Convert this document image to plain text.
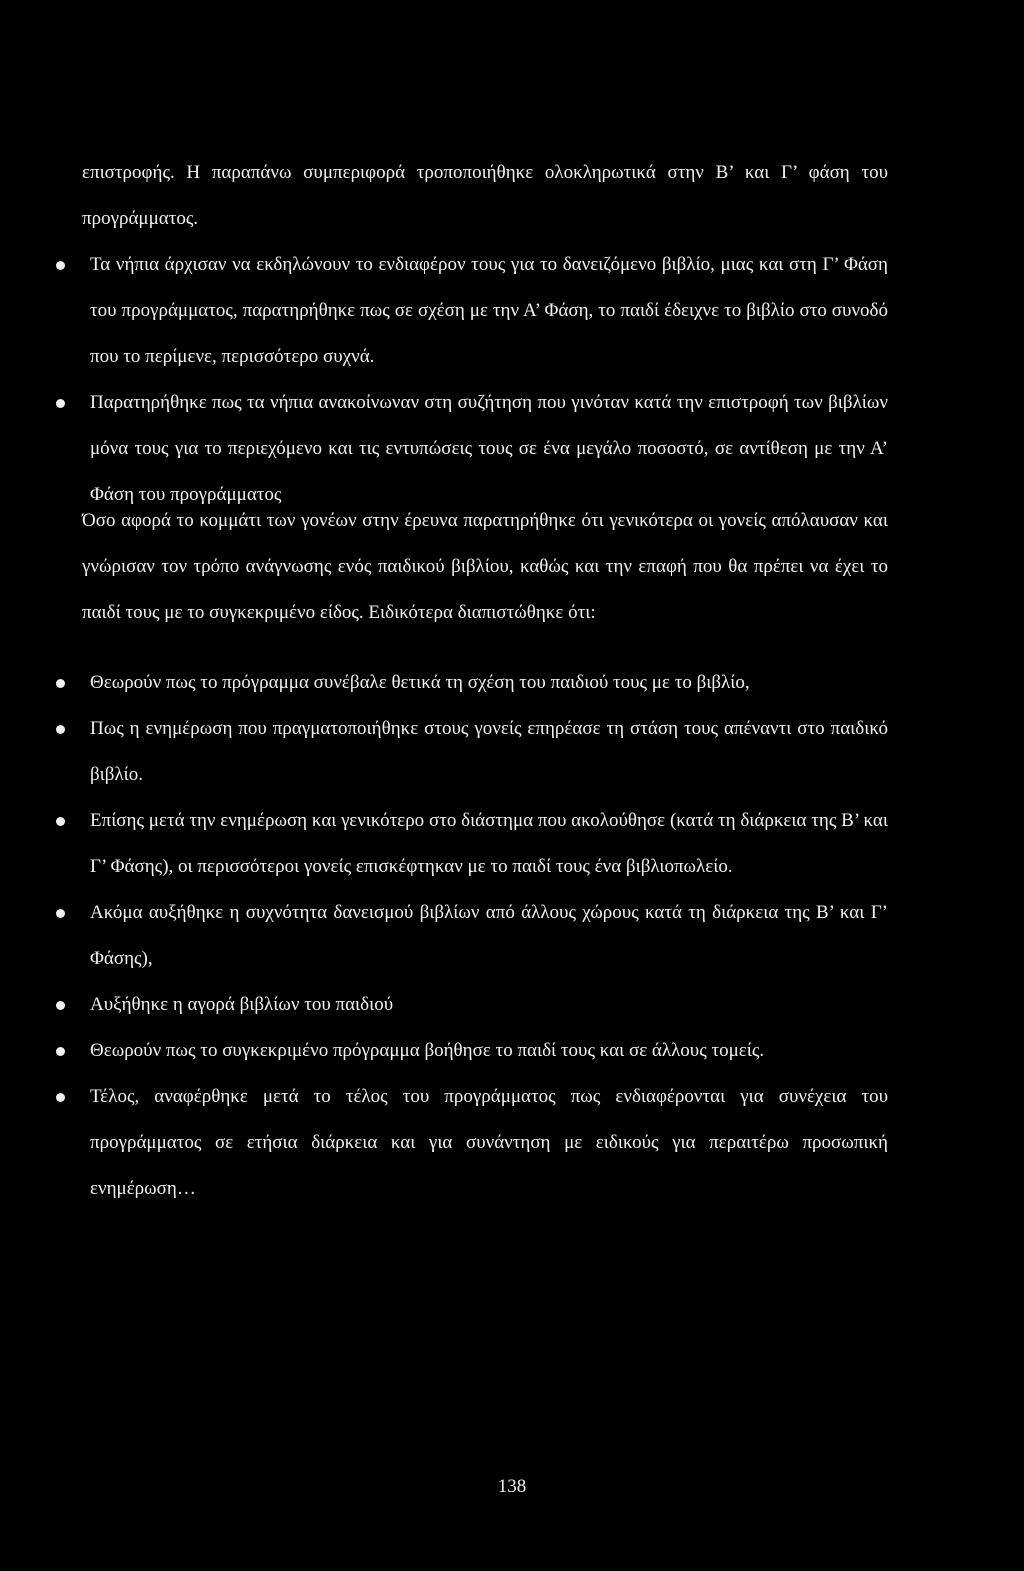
επιστροφής. Η παραπάνω συμπεριφορά τροποποιήθηκε ολοκληρωτικά στην Β’ και Γ’ φάση του προγράμματος.

Τα νήπια άρχισαν να εκδηλώνουν το ενδιαφέρον τους για το δανειζόμενο βιβλίο, μιας και στη Γ’ Φάση του προγράμματος, παρατηρήθηκε πως σε σχέση με την Α’ Φάση, το παιδί έδειχνε το βιβλίο στο συνοδό που το περίμενε, περισσότερο συχνά.
Παρατηρήθηκε πως τα νήπια ανακοίνωναν στη συζήτηση που γινόταν κατά την επιστροφή των βιβλίων μόνα τους για το περιεχόμενο και τις εντυπώσεις τους σε ένα μεγάλο ποσοστό, σε αντίθεση με την Α’ Φάση του προγράμματος

Όσο αφορά το κομμάτι των γονέων στην έρευνα παρατηρήθηκε ότι γενικότερα οι γονείς απόλαυσαν και γνώρισαν τον τρόπο ανάγνωσης ενός παιδικού βιβλίου, καθώς και την επαφή που θα πρέπει να έχει το παιδί τους με το συγκεκριμένο είδος. Ειδικότερα διαπιστώθηκε ότι:

Θεωρούν πως το πρόγραμμα συνέβαλε θετικά τη σχέση του παιδιού τους με το βιβλίο,
Πως η ενημέρωση που πραγματοποιήθηκε στους γονείς επηρέασε τη στάση τους απέναντι στο παιδικό βιβλίο.
Επίσης μετά την ενημέρωση και γενικότερο στο διάστημα που ακολούθησε (κατά τη διάρκεια της Β’ και Γ’ Φάσης), οι περισσότεροι γονείς επισκέφτηκαν με το παιδί τους ένα βιβλιοπωλείο.
Ακόμα αυξήθηκε η συχνότητα δανεισμού βιβλίων από άλλους χώρους κατά τη διάρκεια της Β’ και Γ’ Φάσης),
Αυξήθηκε η αγορά βιβλίων του παιδιού
Θεωρούν πως το συγκεκριμένο πρόγραμμα βοήθησε το παιδί τους και σε άλλους τομείς.
Τέλος, αναφέρθηκε μετά το τέλος του προγράμματος πως ενδιαφέρονται για συνέχεια του προγράμματος σε ετήσια διάρκεια και για συνάντηση με ειδικούς για περαιτέρω προσωπική ενημέρωση…
138
